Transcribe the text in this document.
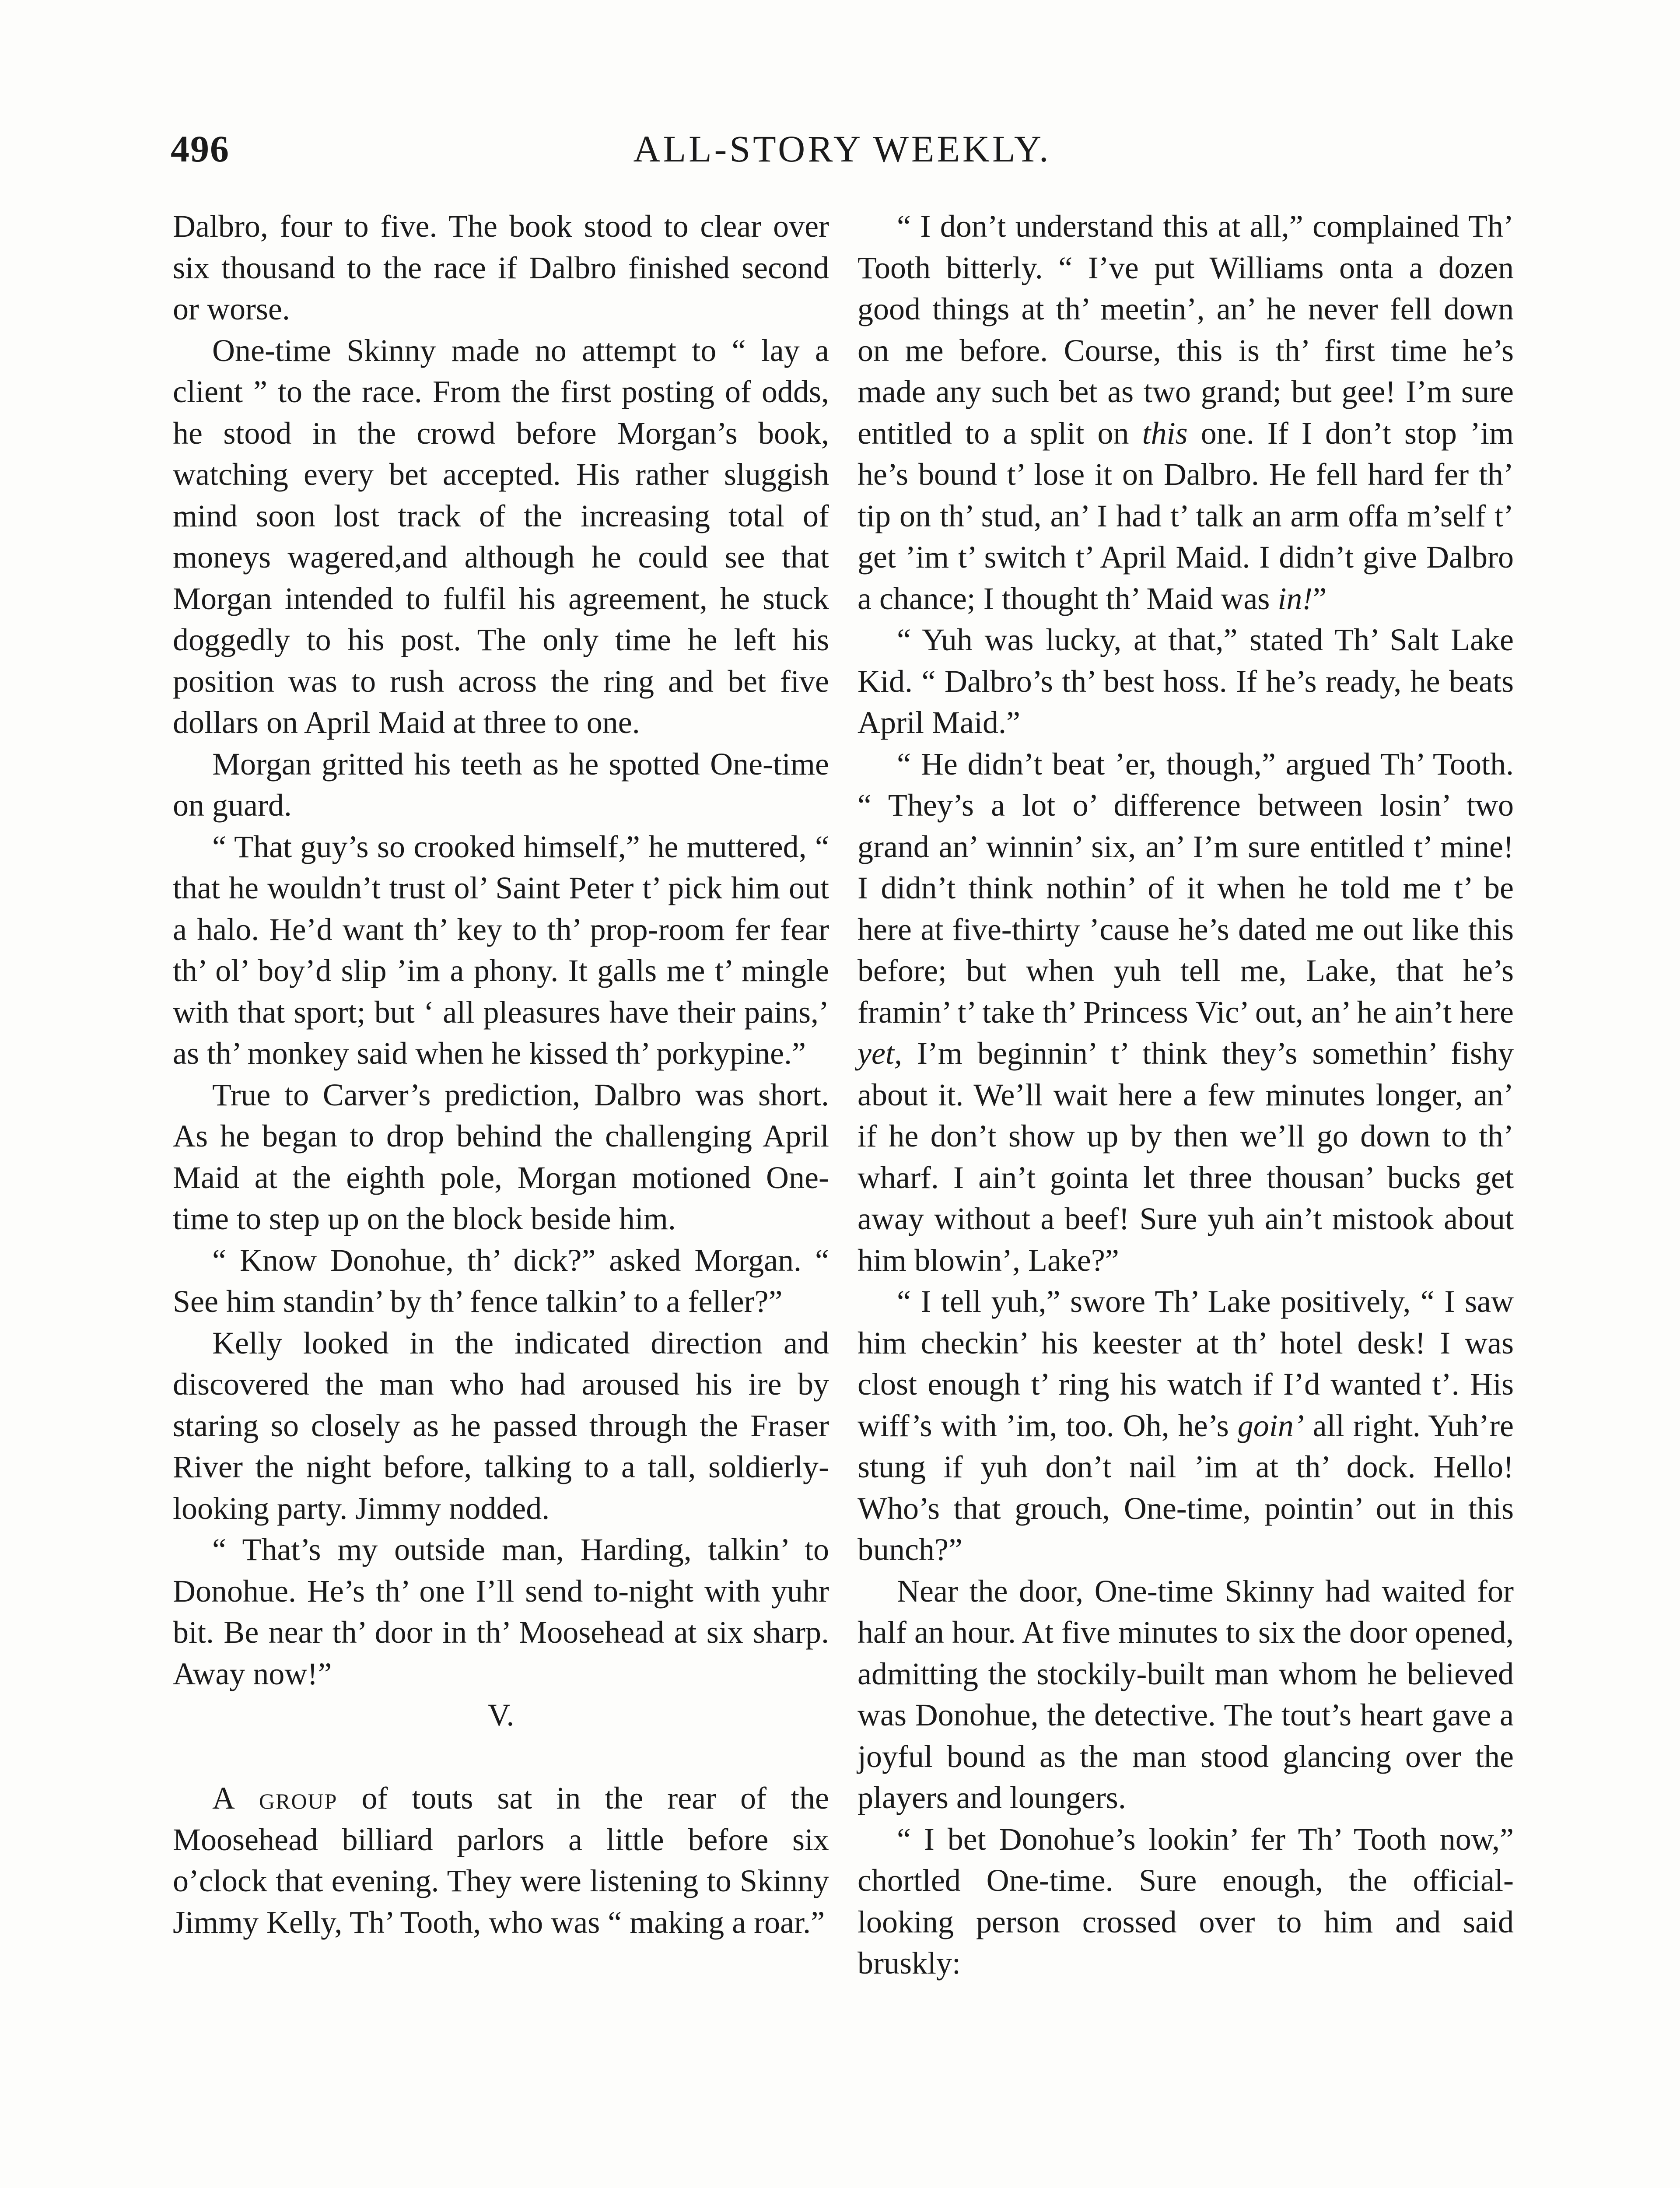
496	ALL-STORY WEEKLY.

Dalbro, four to five. The book stood to clear over six thousand to the race if Dalbro finished second or worse.

One-time Skinny made no attempt to “ lay a client ” to the race. From the first posting of odds, he stood in the crowd before Morgan’s book, watching every bet accepted. His rather sluggish mind soon lost track of the increasing total of moneys wagered,and although he could see that Morgan intended to fulfil his agreement, he stuck doggedly to his post. The only time he left his position was to rush across the ring and bet five dollars on April Maid at three to one.

Morgan gritted his teeth as he spotted One-time on guard.

“ That guy’s so crooked himself,” he muttered, “ that he wouldn’t trust ol’ Saint Peter t’ pick him out a halo. He’d want th’ key to th’ prop-room fer fear th’ ol’ boy’d slip ’im a phony. It galls me t’ mingle with that sport; but ‘ all pleasures have their pains,’ as th’ monkey said when he kissed th’ porkypine.”

True to Carver’s prediction, Dalbro was short. As he began to drop behind the challenging April Maid at the eighth pole, Morgan motioned One-time to step up on the block beside him.

“ Know Donohue, th’ dick?” asked Morgan. “ See him standin’ by th’ fence talkin’ to a feller?”

Kelly looked in the indicated direction and discovered the man who had aroused his ire by staring so closely as he passed through the Fraser River the night before, talking to a tall, soldierly-looking party. Jimmy nodded.

“ That’s my outside man, Harding, talkin’ to Donohue. He’s th’ one I’ll send to-night with yuhr bit. Be near th’ door in th’ Moosehead at six sharp. Away now!”

V.

A group of touts sat in the rear of the Moosehead billiard parlors a little before six o’clock that evening. They were listening to Skinny Jimmy Kelly, Th’ Tooth, who was “ making a roar.”

“ I don’t understand this at all,” complained Th’ Tooth bitterly. “ I’ve put Williams onta a dozen good things at th’ meetin’, an’ he never fell down on me before. Course, this is th’ first time he’s made any such bet as two grand; but gee! I’m sure entitled to a split on this one. If I don’t stop ’im he’s bound t’ lose it on Dalbro. He fell hard fer th’ tip on th’ stud, an’ I had t’ talk an arm offa m’self t’ get ’im t’ switch t’ April Maid. I didn’t give Dalbro a chance; I thought th’ Maid was in!”

“ Yuh was lucky, at that,” stated Th’ Salt Lake Kid. “ Dalbro’s th’ best hoss. If he’s ready, he beats April Maid.”

“ He didn’t beat ’er, though,” argued Th’ Tooth. “ They’s a lot o’ difference between losin’ two grand an’ winnin’ six, an’ I’m sure entitled t’ mine! I didn’t think nothin’ of it when he told me t’ be here at five-thirty ’cause he’s dated me out like this before; but when yuh tell me, Lake, that he’s framin’ t’ take th’ Princess Vic’ out, an’ he ain’t here yet, I’m beginnin’ t’ think they’s somethin’ fishy about it. We’ll wait here a few minutes longer, an’ if he don’t show up by then we’ll go down to th’ wharf. I ain’t gointa let three thousan’ bucks get away without a beef! Sure yuh ain’t mistook about him blowin’, Lake?”

“ I tell yuh,” swore Th’ Lake positively, “ I saw him checkin’ his keester at th’ hotel desk! I was clost enough t’ ring his watch if I’d wanted t’. His wiff’s with ’im, too. Oh, he’s goin’ all right. Yuh’re stung if yuh don’t nail ’im at th’ dock. Hello! Who’s that grouch, One-time, pointin’ out in this bunch?”

Near the door, One-time Skinny had waited for half an hour. At five minutes to six the door opened, admitting the stockily-built man whom he believed was Donohue, the detective. The tout’s heart gave a joyful bound as the man stood glancing over the players and loungers.

“ I bet Donohue’s lookin’ fer Th’ Tooth now,” chortled One-time. Sure enough, the official-looking person crossed over to him and said bruskly:
